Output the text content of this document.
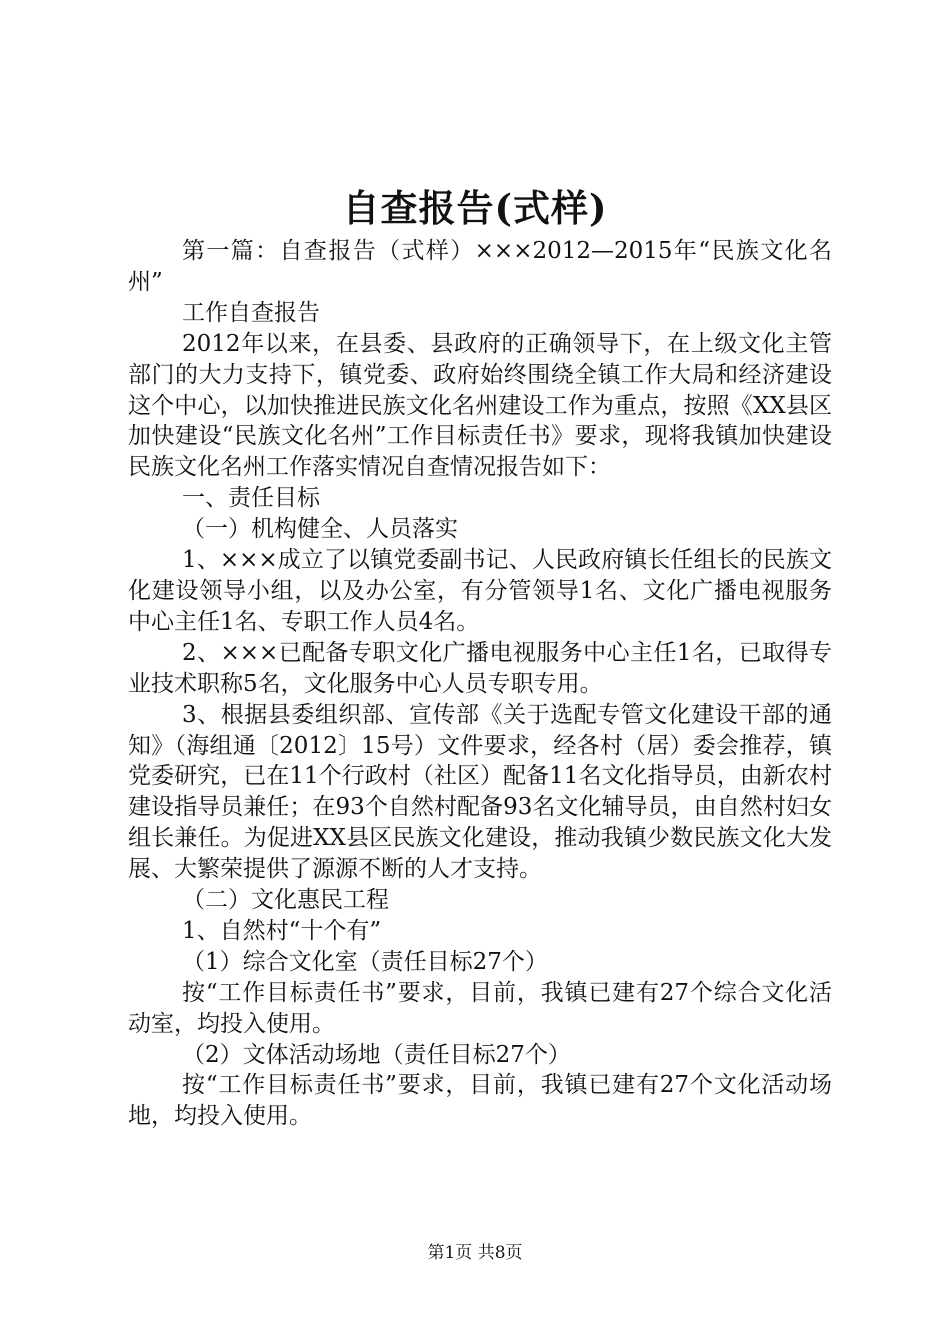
自查报告(式样)

第一篇：自查报告（式样）×××2012—2015年“民族文化名州”

工作自查报告

2012年以来，在县委、县政府的正确领导下，在上级文化主管部门的大力支持下，镇党委、政府始终围绕全镇工作大局和经济建设这个中心，以加快推进民族文化名州建设工作为重点，按照《XX县区加快建设“民族文化名州”工作目标责任书》要求，现将我镇加快建设民族文化名州工作落实情况自查情况报告如下：

一、责任目标

（一）机构健全、人员落实

1、×××成立了以镇党委副书记、人民政府镇长任组长的民族文化建设领导小组，以及办公室，有分管领导1名、文化广播电视服务中心主任1名、专职工作人员4名。

2、×××已配备专职文化广播电视服务中心主任1名，已取得专业技术职称5名，文化服务中心人员专职专用。

3、根据县委组织部、宣传部《关于选配专管文化建设干部的通知》（海组通〔2012〕15号）文件要求，经各村（居）委会推荐，镇党委研究，已在11个行政村（社区）配备11名文化指导员，由新农村建设指导员兼任；在93个自然村配备93名文化辅导员，由自然村妇女组长兼任。为促进XX县区民族文化建设，推动我镇少数民族文化大发展、大繁荣提供了源源不断的人才支持。

（二）文化惠民工程

1、自然村“十个有”

（1）综合文化室（责任目标27个）

按“工作目标责任书”要求，目前，我镇已建有27个综合文化活动室，均投入使用。

（2）文体活动场地（责任目标27个）

按“工作目标责任书”要求，目前，我镇已建有27个文化活动场地，均投入使用。

第1页 共8页
